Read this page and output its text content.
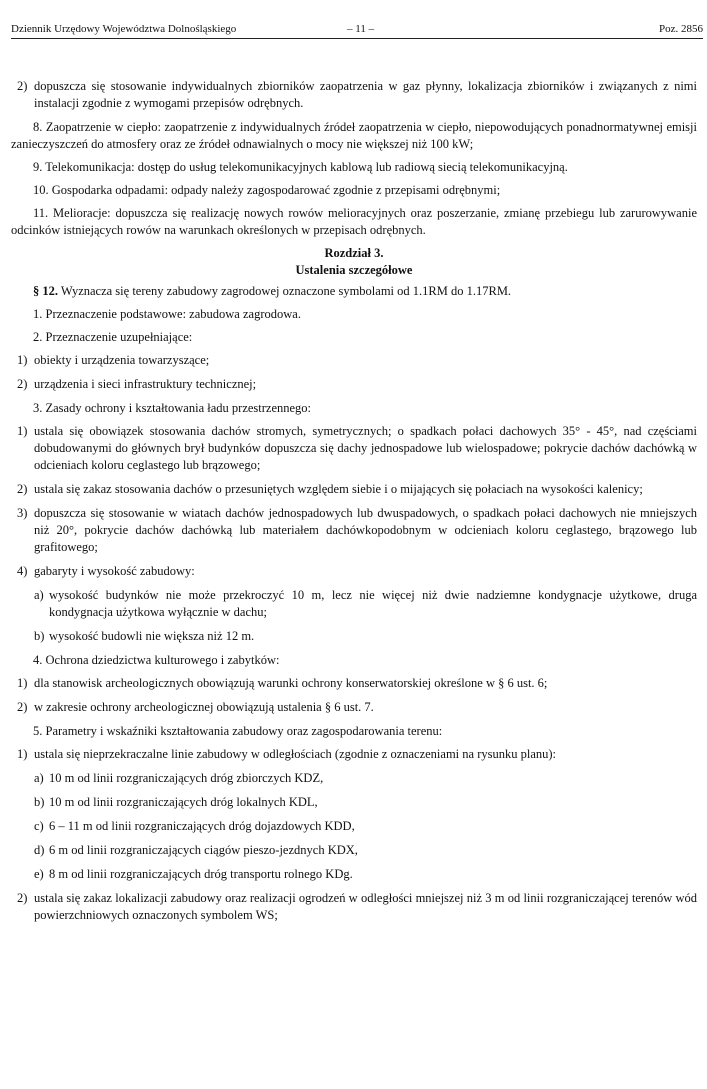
Dziennik Urzędowy Województwa Dolnośląskiego	– 11 –	Poz. 2856
2) dopuszcza się stosowanie indywidualnych zbiorników zaopatrzenia w gaz płynny, lokalizacja zbiorników i związanych z nimi instalacji zgodnie z wymogami przepisów odrębnych.

8. Zaopatrzenie w ciepło: zaopatrzenie z indywidualnych źródeł zaopatrzenia w ciepło, niepowodujących ponadnormatywnej emisji zanieczyszczeń do atmosfery oraz ze źródeł odnawialnych o mocy nie większej niż 100 kW;

9. Telekomunikacja: dostęp do usług telekomunikacyjnych kablową lub radiową siecią telekomunikacyjną.

10. Gospodarka odpadami: odpady należy zagospodarować zgodnie z przepisami odrębnymi;

11. Melioracje: dopuszcza się realizację nowych rowów melioracyjnych oraz poszerzanie, zmianę przebiegu lub zarurowywanie odcinków istniejących rowów na warunkach określonych w przepisach odrębnych.

Rozdział 3.
Ustalenia szczegółowe

§ 12. Wyznacza się tereny zabudowy zagrodowej oznaczone symbolami od 1.1RM do 1.17RM.

1. Przeznaczenie podstawowe: zabudowa zagrodowa.

2. Przeznaczenie uzupełniające:

1) obiekty i urządzenia towarzyszące;
2) urządzenia i sieci infrastruktury technicznej;

3. Zasady ochrony i kształtowania ładu przestrzennego:

1) ustala się obowiązek stosowania dachów stromych, symetrycznych; o spadkach połaci dachowych 35° - 45°, nad częściami dobudowanymi do głównych brył budynków dopuszcza się dachy jednospadowe lub wielospadowe; pokrycie dachów dachówką w odcieniach koloru ceglastego lub brązowego;
2) ustala się zakaz stosowania dachów o przesuniętych względem siebie i o mijających się połaciach na wysokości kalenicy;
3) dopuszcza się stosowanie w wiatach dachów jednospadowych lub dwuspadowych, o spadkach połaci dachowych nie mniejszych niż 20°, pokrycie dachów dachówką lub materiałem dachówkopodobnym w odcieniach koloru ceglastego, brązowego lub grafitowego;
4) gabaryty i wysokość zabudowy:
a) wysokość budynków nie może przekroczyć 10 m, lecz nie więcej niż dwie nadziemne kondygnacje użytkowe, druga kondygnacja użytkowa wyłącznie w dachu;
b) wysokość budowli nie większa niż 12 m.

4. Ochrona dziedzictwa kulturowego i zabytków:

1) dla stanowisk archeologicznych obowiązują warunki ochrony konserwatorskiej określone w § 6 ust. 6;
2) w zakresie ochrony archeologicznej obowiązują ustalenia § 6 ust. 7.

5. Parametry i wskaźniki kształtowania zabudowy oraz zagospodarowania terenu:

1) ustala się nieprzekraczalne linie zabudowy w odległościach (zgodnie z oznaczeniami na rysunku planu):
a) 10 m od linii rozgraniczających dróg zbiorczych KDZ,
b) 10 m od linii rozgraniczających dróg lokalnych KDL,
c) 6 – 11 m od linii rozgraniczających dróg dojazdowych KDD,
d) 6 m od linii rozgraniczających ciągów pieszo-jezdnych KDX,
e) 8 m od linii rozgraniczających dróg transportu rolnego KDg.
2) ustala się zakaz lokalizacji zabudowy oraz realizacji ogrodzeń w odległości mniejszej niż 3 m od linii rozgraniczającej terenów wód powierzchniowych oznaczonych symbolem WS;
